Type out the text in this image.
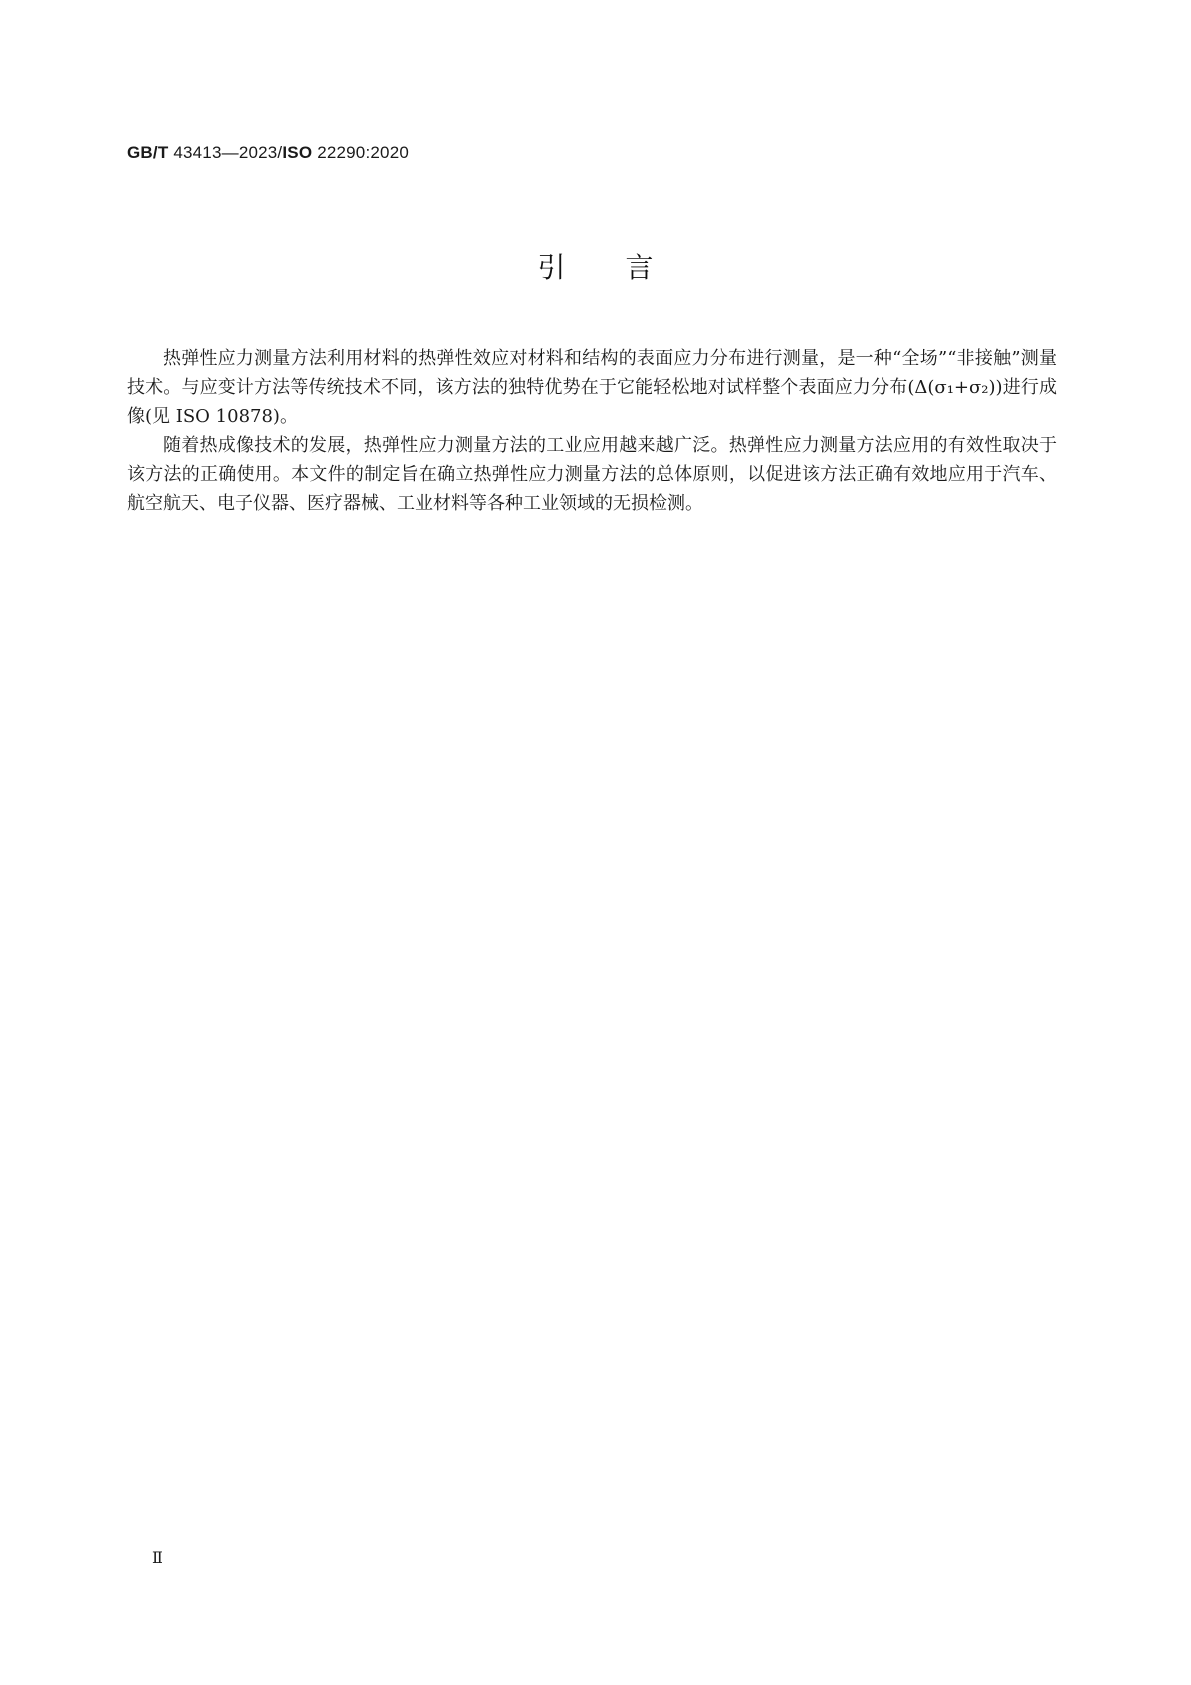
GB/T 43413—2023/ISO 22290:2020
引言

热弹性应力测量方法利用材料的热弹性效应对材料和结构的表面应力分布进行测量，是一种“全场”“非接触”测量技术。与应变计方法等传统技术不同，该方法的独特优势在于它能轻松地对试样整个表面应力分布(Δ(σ₁+σ₂))进行成像(见 ISO 10878)。

随着热成像技术的发展，热弹性应力测量方法的工业应用越来越广泛。热弹性应力测量方法应用的有效性取决于该方法的正确使用。本文件的制定旨在确立热弹性应力测量方法的总体原则，以促进该方法正确有效地应用于汽车、航空航天、电子仪器、医疗器械、工业材料等各种工业领域的无损检测。

Ⅱ
